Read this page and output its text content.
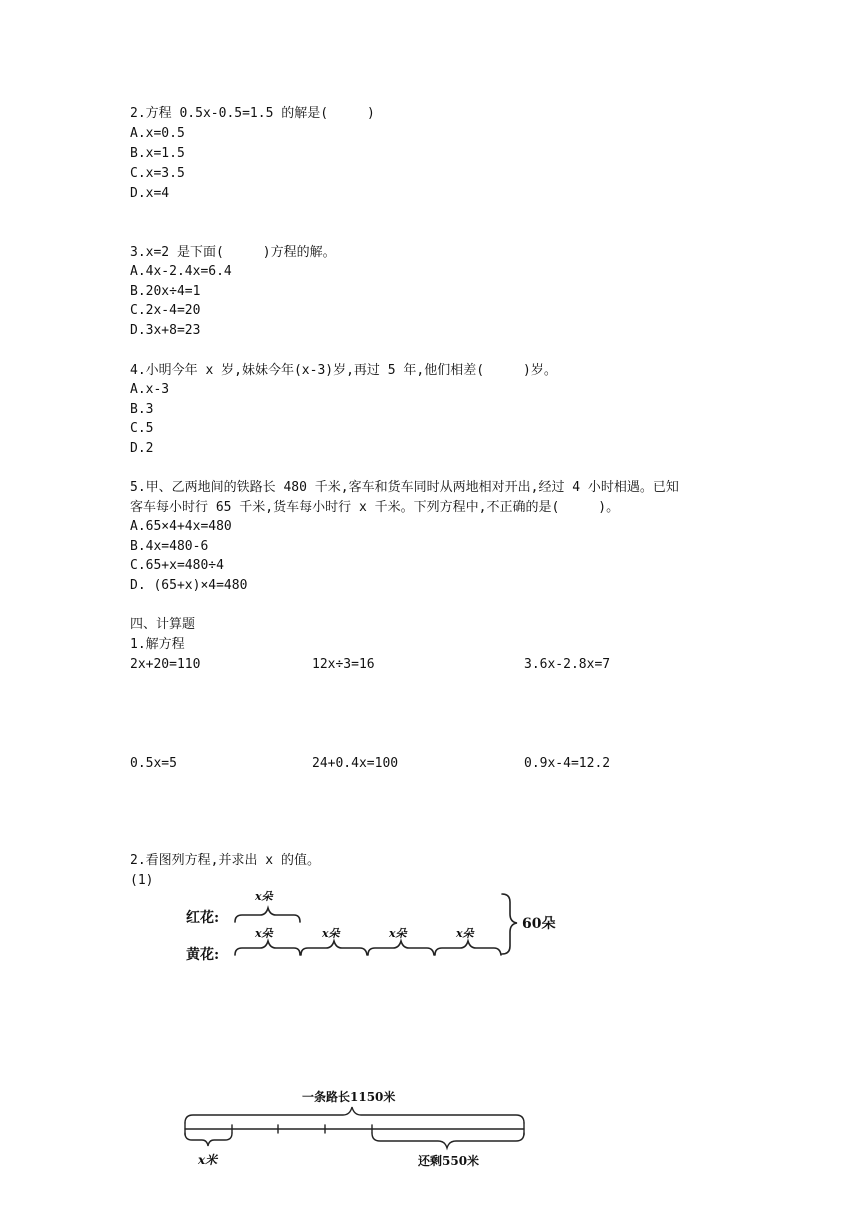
2.方程 0.5x-0.5=1.5 的解是(　　　)
A.x=0.5
B.x=1.5
C.x=3.5
D.x=4
3.x=2 是下面(　　　)方程的解。
A.4x-2.4x=6.4
B.20x÷4=1
C.2x-4=20
D.3x+8=23
4.小明今年 x 岁,妹妹今年(x-3)岁,再过 5 年,他们相差(　　　)岁。
A.x-3
B.3
C.5
D.2
5.甲、乙两地间的铁路长 480 千米,客车和货车同时从两地相对开出,经过 4 小时相遇。已知
客车每小时行 65 千米,货车每小时行 x 千米。下列方程中,不正确的是(　　　)。
A.65×4+4x=480
B.4x=480-6
C.65+x=480÷4
D. (65+x)×4=480
四、计算题
1.解方程
2x+20=110	12x÷3=16	3.6x-2.8x=7
0.5x=5	24+0.4x=100	0.9x-4=12.2
2.看图列方程,并求出 x 的值。
(1)
红花:
黄花:
x朵
x朵	x朵	x朵	x朵
60朵
一条路长1150米
x米	还剩550米
